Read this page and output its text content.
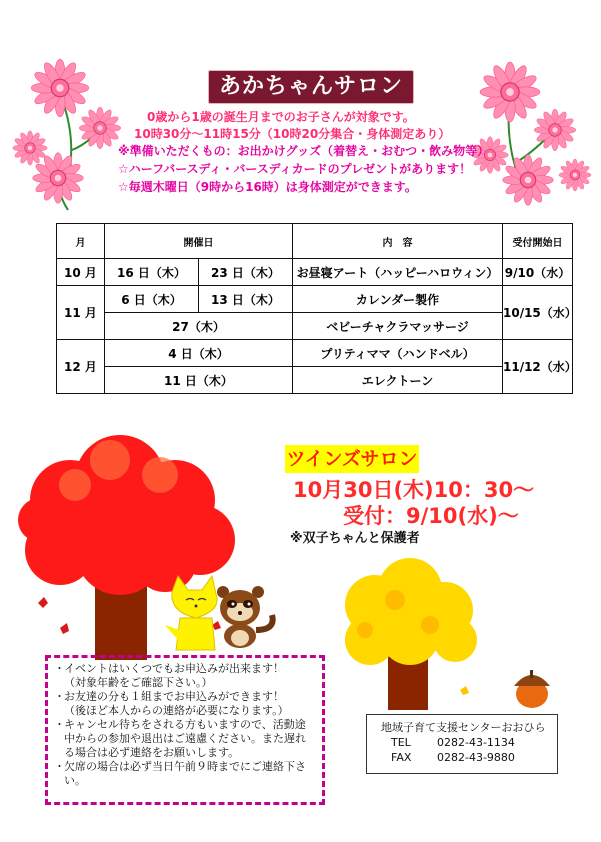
あかちゃんサロン
0歳から1歳の誕生月までのお子さんが対象です。
10時30分～11時15分（10時20分集合・身体測定あり）
※準備いただくもの：お出かけグッズ（着替え・おむつ・飲み物等）
☆ハーフバースディ・バースディカードのプレゼントがあります！
☆毎週木曜日（9時から16時）は身体測定ができます。
月	開催日		内　容	受付開始日
10 月	16 日（木）	23 日（木）	お昼寝アート（ハッピーハロウィン）	9/10（水）
11 月	6 日（木）	13 日（木）	カレンダー製作	10/15（水）
	27（木）		ベビーチャクラマッサージ	
12 月	4 日（木）		プリティママ（ハンドベル）	11/12（水）
	11 日（木）		エレクトーン	
ツインズサロン
10月30日(木)10：30～
受付：9/10(水)～
※双子ちゃんと保護者
・ イベントはいくつでもお申込みが出来ます！
（対象年齢をご確認下さい。）
・ お友達の分も１組までお申込みができます！
（後ほど本人からの連絡が必要になります。）
・ キャンセル待ちをされる方もいますので、活動途中からの参加や退出はご遠慮ください。また遅れる場合は必ず連絡をお願いします。
・ 欠席の場合は必ず当日午前９時までにご連絡下さい。
地域子育て支援センターおおひら
TEL 0282-43-1134
FAX 0282-43-9880
